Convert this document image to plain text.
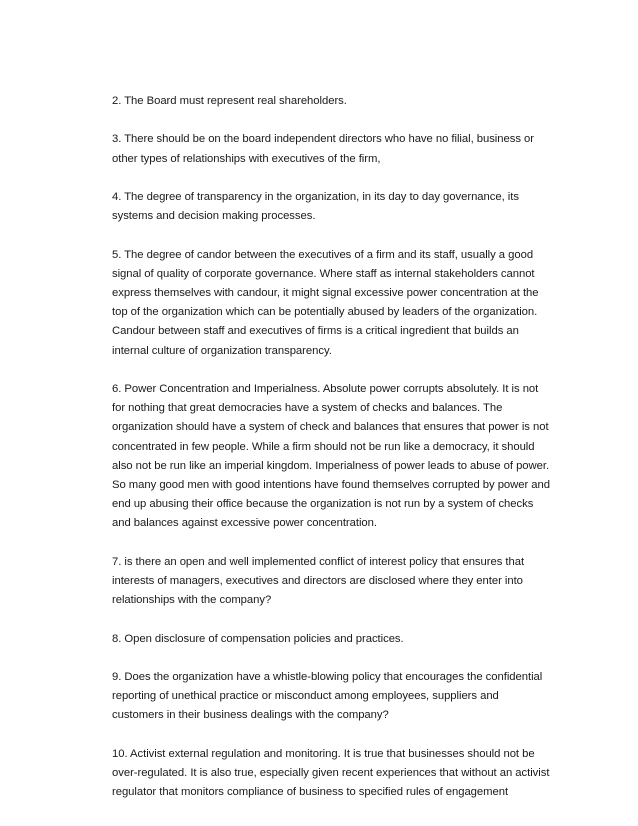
2. The Board must represent real shareholders.

3. There should be on the board independent directors who have no filial, business or other types of relationships with executives of the firm,

4. The degree of transparency in the organization, in its day to day governance, its systems and decision making processes.

5. The degree of candor between the executives of a firm and its staff, usually a good signal of quality of corporate governance. Where staff as internal stakeholders cannot express themselves with candour, it might signal excessive power concentration at the top of the organization which can be potentially abused by leaders of the organization. Candour between staff and executives of firms is a critical ingredient that builds an internal culture of organization transparency.

6. Power Concentration and Imperialness. Absolute power corrupts absolutely. It is not for nothing that great democracies have a system of checks and balances. The organization should have a system of check and balances that ensures that power is not concentrated in few people. While a firm should not be run like a democracy, it should also not be run like an imperial kingdom. Imperialness of power leads to abuse of power. So many good men with good intentions have found themselves corrupted by power and end up abusing their office because the organization is not run by a system of checks and balances against excessive power concentration.

7. is there an open and well implemented conflict of interest policy that ensures that interests of managers, executives and directors are disclosed where they enter into relationships with the company?

8. Open disclosure of compensation policies and practices.

9. Does the organization have a whistle-blowing policy that encourages the confidential reporting of unethical practice or misconduct among employees, suppliers and customers in their business dealings with the company?

10. Activist external regulation and monitoring. It is true that businesses should not be over-regulated. It is also true, especially given recent experiences that without an activist regulator that monitors compliance of business to specified rules of engagement
